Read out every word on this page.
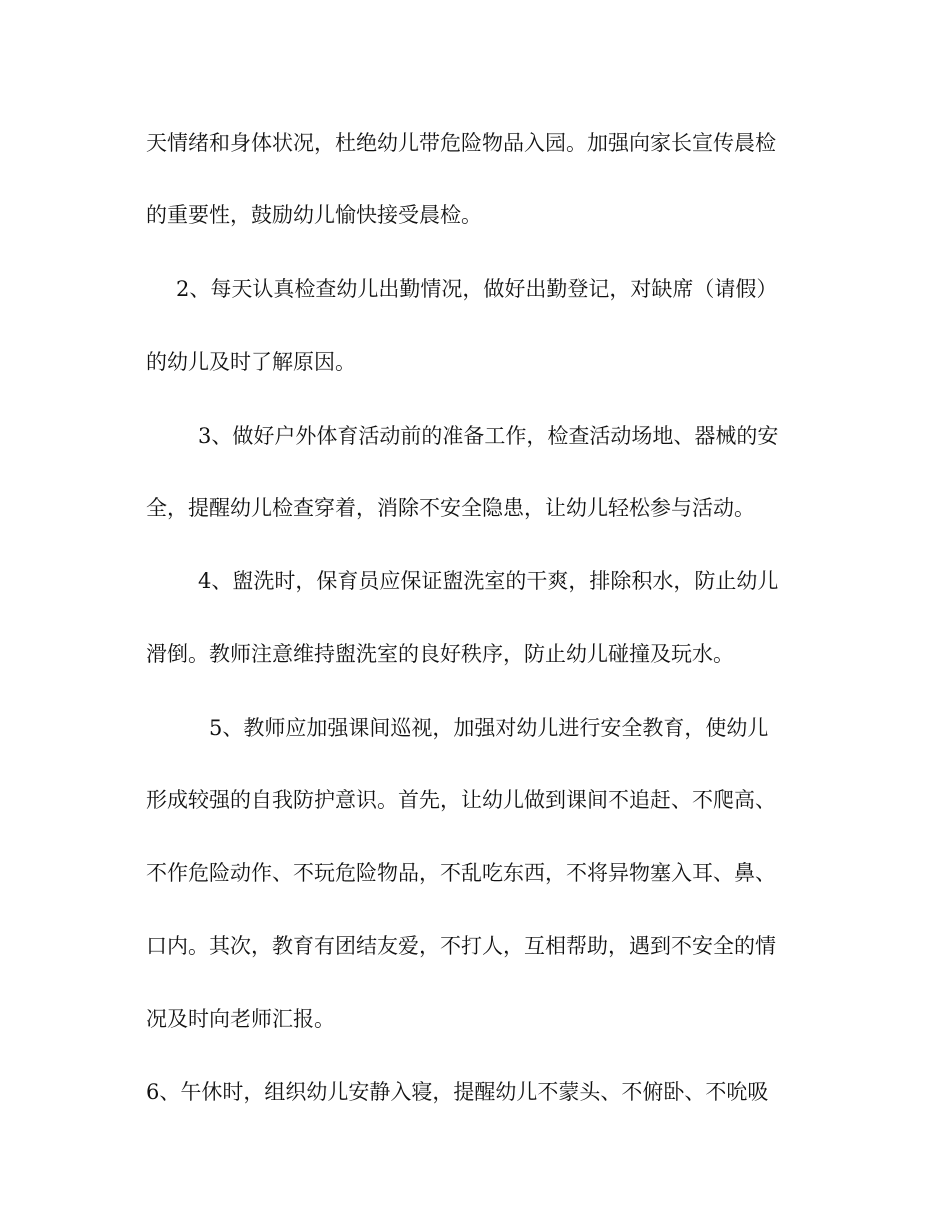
天情绪和身体状况，杜绝幼儿带危险物品入园。加强向家长宣传晨检
的重要性，鼓励幼儿愉快接受晨检。
2、每天认真检查幼儿出勤情况，做好出勤登记，对缺席（请假）
的幼儿及时了解原因。
3、做好户外体育活动前的准备工作，检查活动场地、器械的安
全，提醒幼儿检查穿着，消除不安全隐患，让幼儿轻松参与活动。
4、盥洗时，保育员应保证盥洗室的干爽，排除积水，防止幼儿
滑倒。教师注意维持盥洗室的良好秩序，防止幼儿碰撞及玩水。
5、教师应加强课间巡视，加强对幼儿进行安全教育，使幼儿
形成较强的自我防护意识。首先，让幼儿做到课间不追赶、不爬高、
不作危险动作、不玩危险物品，不乱吃东西，不将异物塞入耳、鼻、
口内。其次，教育有团结友爱，不打人，互相帮助，遇到不安全的情
况及时向老师汇报。
6、午休时，组织幼儿安静入寝，提醒幼儿不蒙头、不俯卧、不吮吸
